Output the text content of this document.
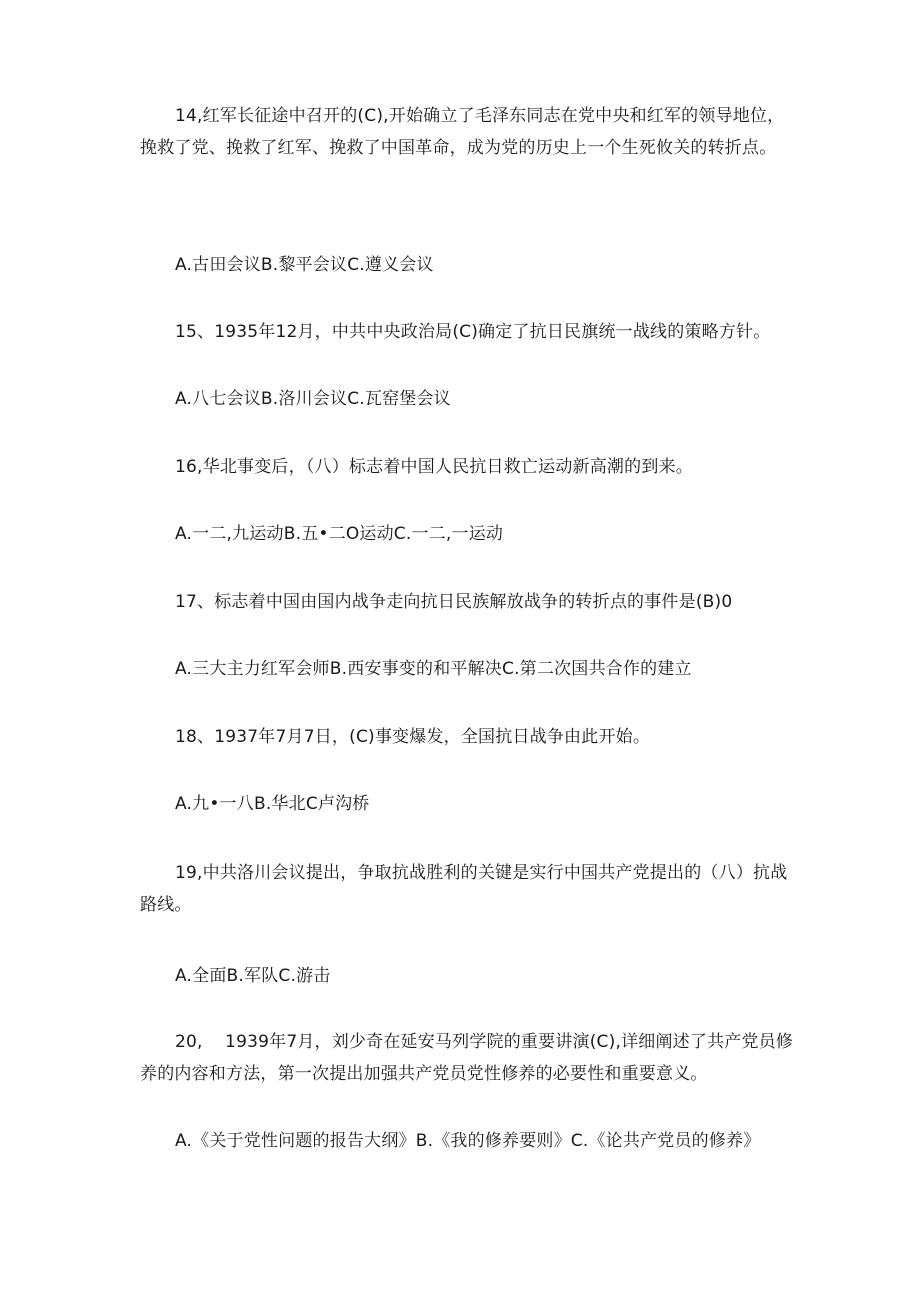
14,红军长征途中召开的(C),开始确立了毛泽东同志在党中央和红军的领导地位，挽救了党、挽救了红军、挽救了中国革命，成为党的历史上一个生死攸关的转折点。

A.古田会议B.黎平会议C.遵义会议

15、1935年12月，中共中央政治局(C)确定了抗日民旗统一战线的策略方针。

A.八七会议B.洛川会议C.瓦窑堡会议

16,华北事变后，（八）标志着中国人民抗日救亡运动新高潮的到来。

A.一二,九运动B.五•二O运动C.一二,一运动

17、标志着中国由国内战争走向抗日民族解放战争的转折点的事件是(B)0

A.三大主力红军会师B.西安事变的和平解决C.第二次国共合作的建立

18、1937年7月7日，(C)事变爆发，全国抗日战争由此开始。

A.九•一八B.华北C卢沟桥

19,中共洛川会议提出，争取抗战胜利的关键是实行中国共产党提出的（八）抗战路线。

A.全面B.军队C.游击

20,    1939年7月，刘少奇在延安马列学院的重要讲演(C),详细阐述了共产党员修养的内容和方法，第一次提出加强共产党员党性修养的必要性和重要意义。

A.《关于党性问题的报告大纲》B.《我的修养要则》C.《论共产党员的修养》
